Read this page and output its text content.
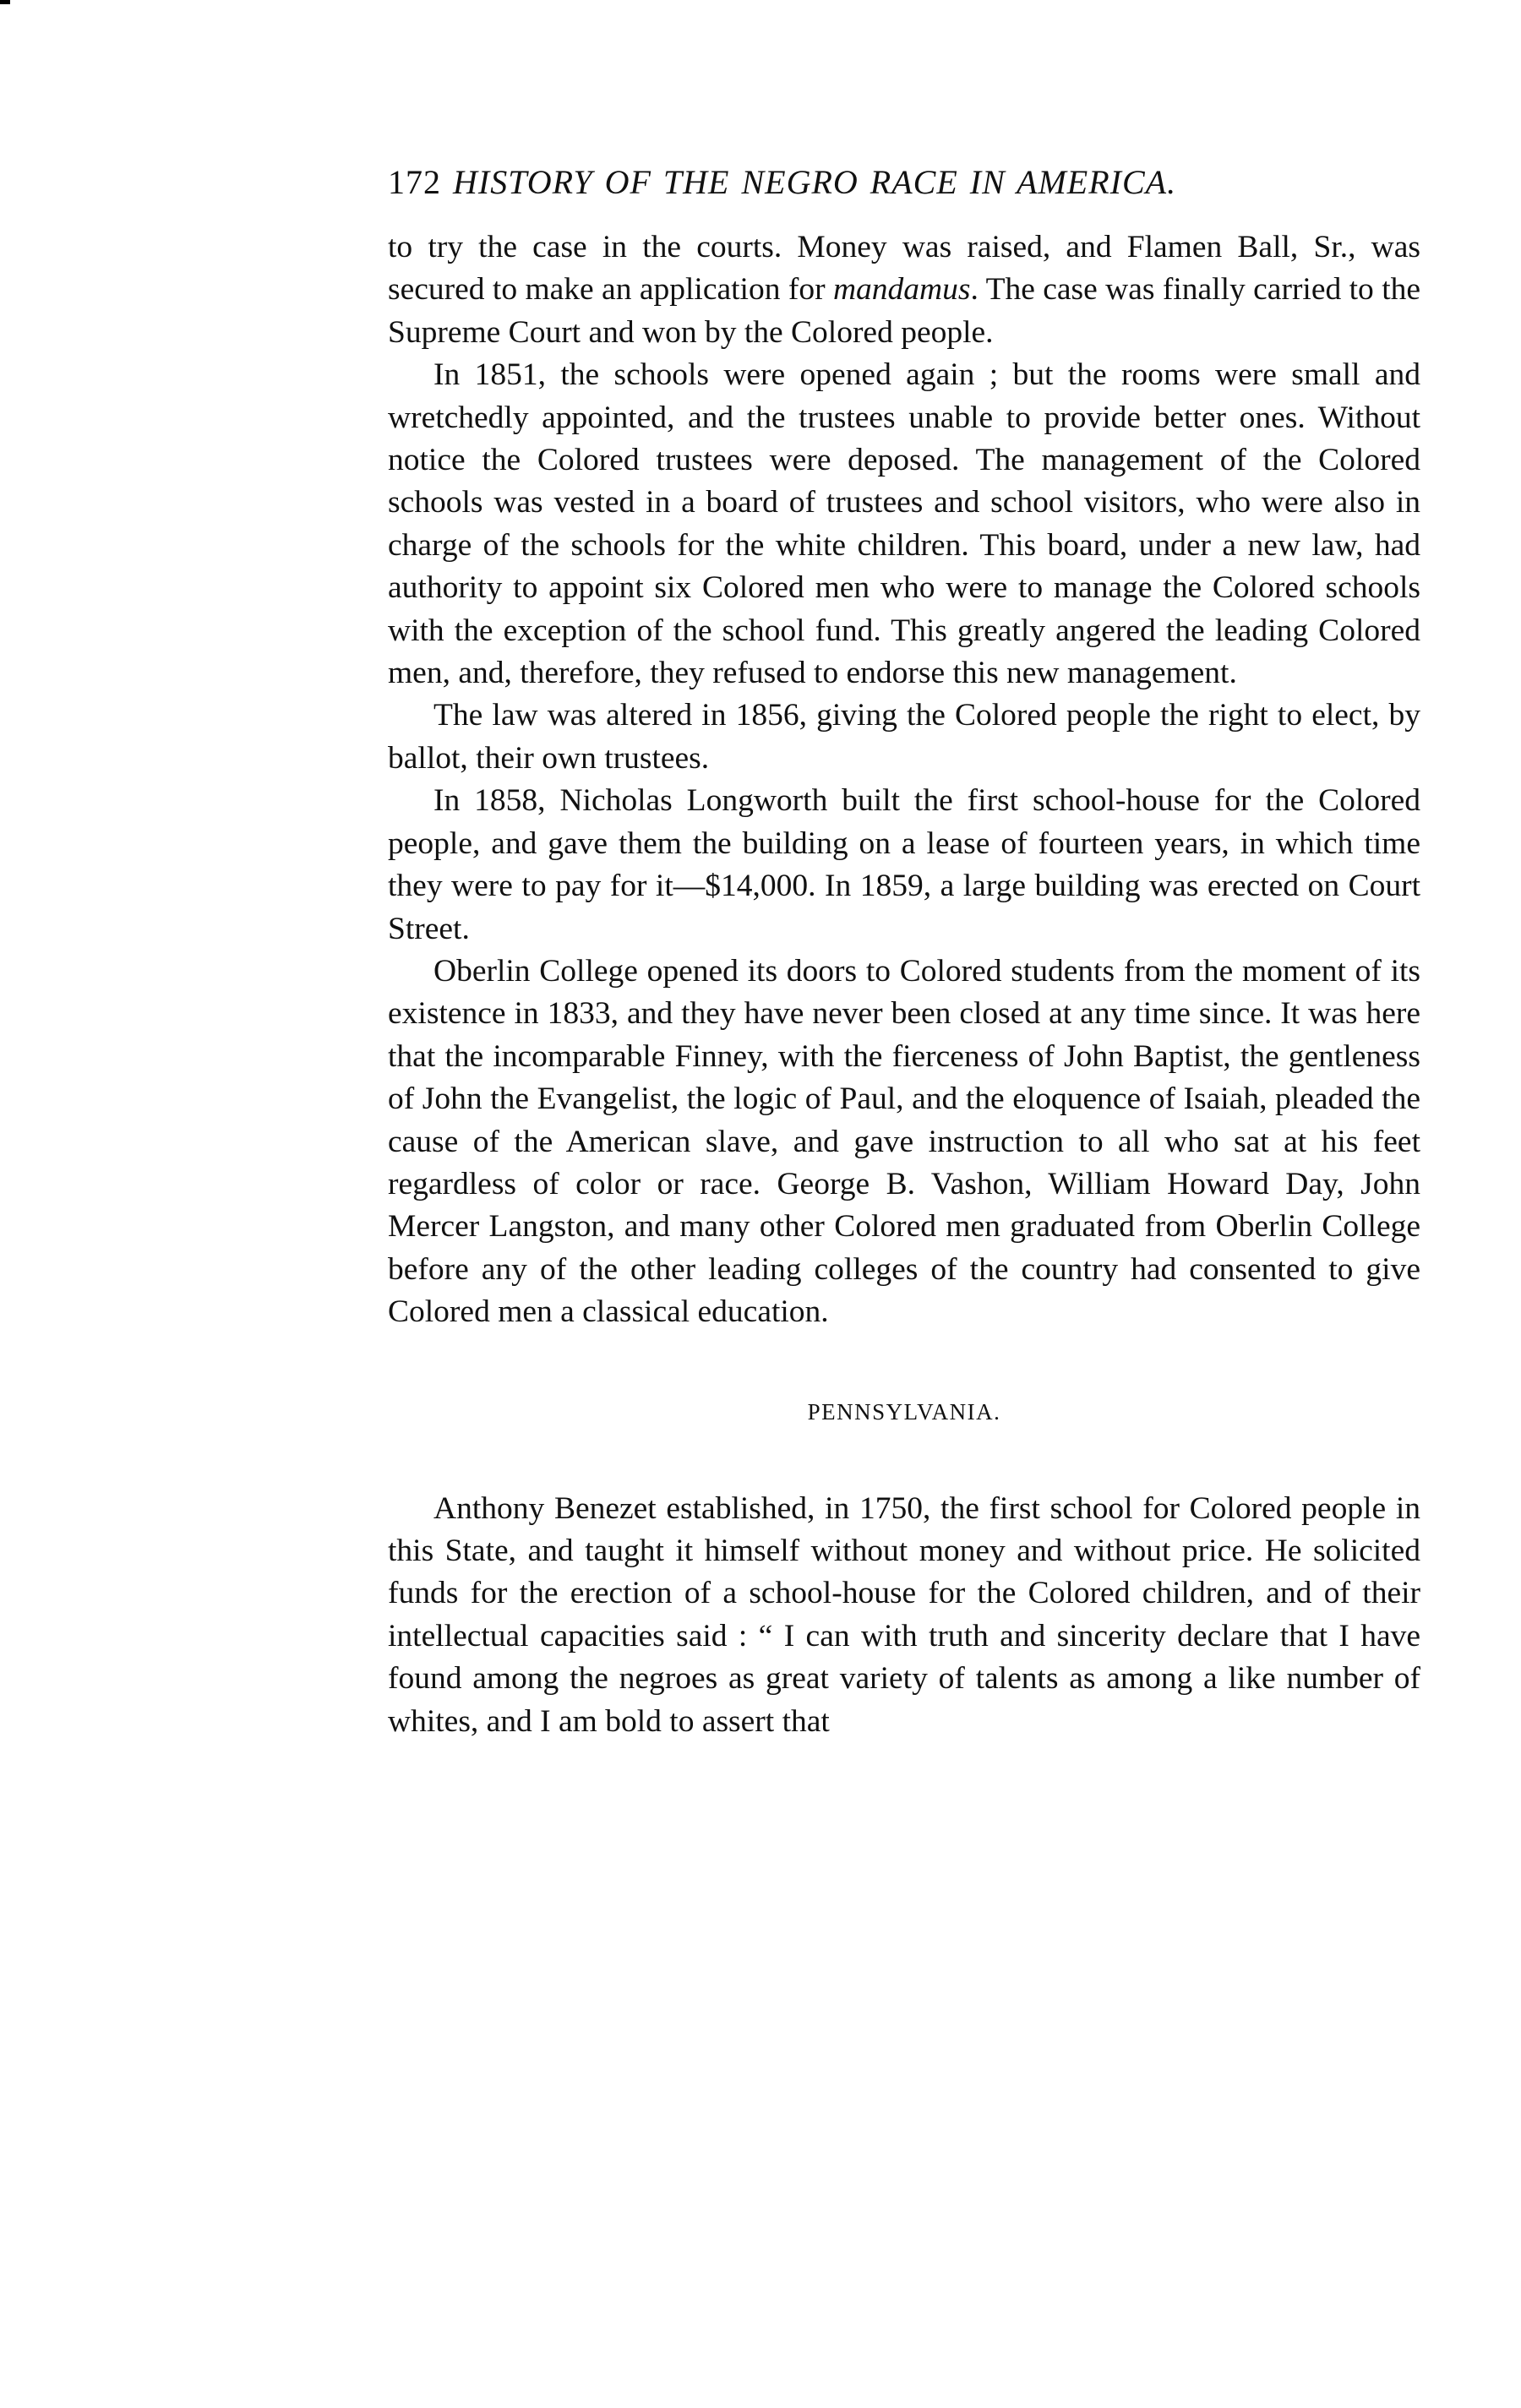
172 HISTORY OF THE NEGRO RACE IN AMERICA.

to try the case in the courts. Money was raised, and Flamen Ball, Sr., was secured to make an application for mandamus. The case was finally carried to the Supreme Court and won by the Colored people.

In 1851, the schools were opened again ; but the rooms were small and wretchedly appointed, and the trustees unable to provide better ones. Without notice the Colored trustees were deposed. The management of the Colored schools was vested in a board of trustees and school visitors, who were also in charge of the schools for the white children. This board, under a new law, had authority to appoint six Colored men who were to manage the Colored schools with the exception of the school fund. This greatly angered the leading Colored men, and, therefore, they refused to endorse this new management.

The law was altered in 1856, giving the Colored people the right to elect, by ballot, their own trustees.

In 1858, Nicholas Longworth built the first school-house for the Colored people, and gave them the building on a lease of fourteen years, in which time they were to pay for it—$14,000. In 1859, a large building was erected on Court Street.

Oberlin College opened its doors to Colored students from the moment of its existence in 1833, and they have never been closed at any time since. It was here that the incomparable Finney, with the fierceness of John Baptist, the gentleness of John the Evangelist, the logic of Paul, and the eloquence of Isaiah, pleaded the cause of the American slave, and gave instruction to all who sat at his feet regardless of color or race. George B. Vashon, William Howard Day, John Mercer Langston, and many other Colored men graduated from Oberlin College before any of the other leading colleges of the country had consented to give Colored men a classical education.

PENNSYLVANIA.

Anthony Benezet established, in 1750, the first school for Colored people in this State, and taught it himself without money and without price. He solicited funds for the erection of a school-house for the Colored children, and of their intellectual capacities said : “ I can with truth and sincerity declare that I have found among the negroes as great variety of talents as among a like number of whites, and I am bold to assert that
